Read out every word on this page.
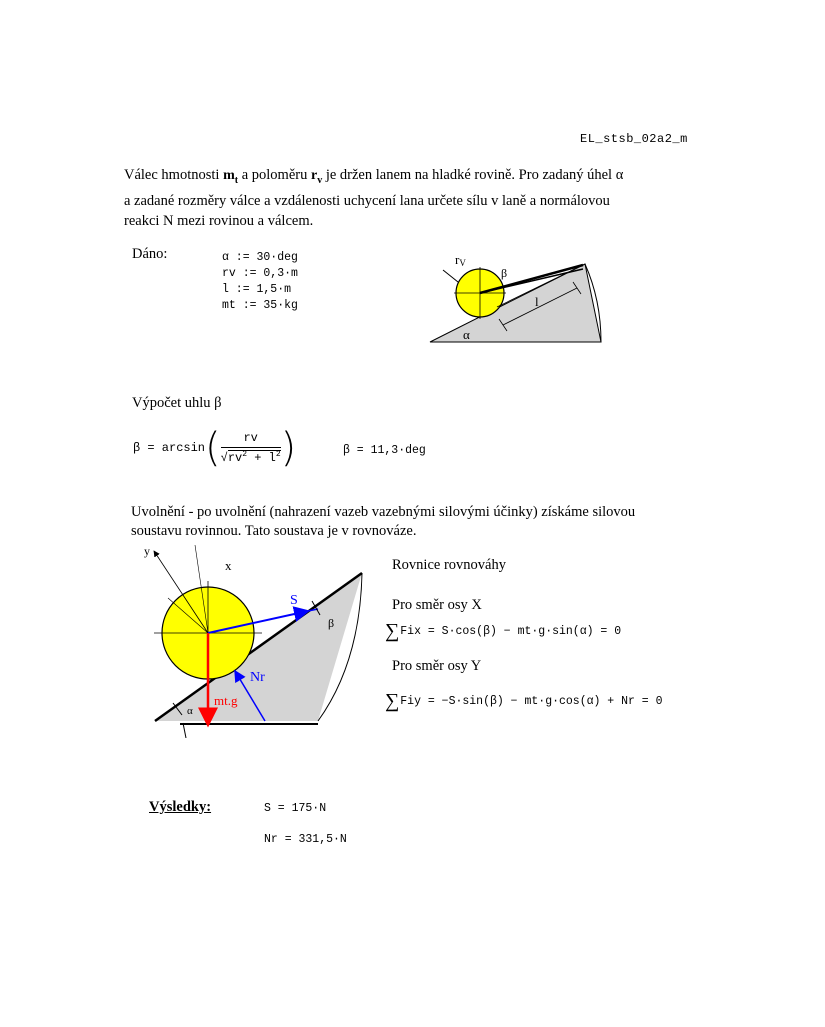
EL_stsb_02a2_m
Válec hmotnosti $m_t$ a poloměru $r_v$ je držen lanem na hladké rovině. Pro zadaný úhel α
a zadané rozměry válce a vzdálenosti uchycení lana určete sílu v laně a normálovou
reakci N mezi rovinou a válcem.
Dáno:	α := 30·deg
rv := 0,3·m
l := 1,5·m
mt := 35·kg
rV
β
l
α
Výpočet uhlu β
β = arcsin ( rv
$√rv^2 + l^2$ )	β = 11,3·deg
Uvolnění - po uvolnění (nahrazení vazeb vazebnými silovými účinky) získáme silovou
soustavu rovinnou. Tato soustava je v rovnováze.
y
x
S
β
Nr
mt.g
α
Rovnice rovnováhy
Pro směr osy X
∑Fix = S·cos(β) − mt·g·sin(α) = 0
Pro směr osy Y
∑Fiy = −S·sin(β) − mt·g·cos(α) + Nr = 0
Výsledky:	S = 175·N
Nr = 331,5·N
